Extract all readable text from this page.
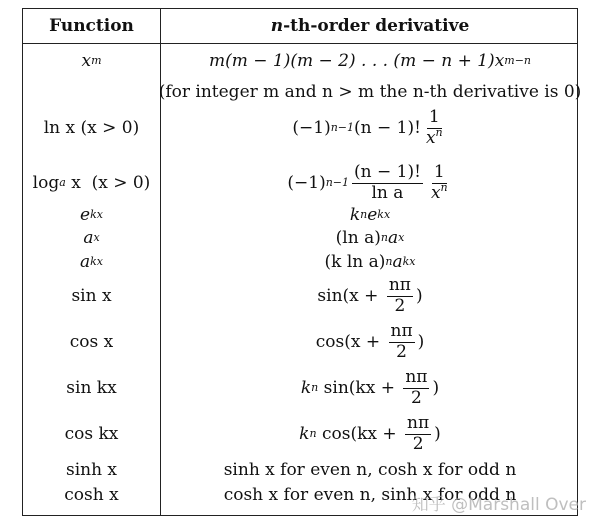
Function	n-th-order derivative
x m	m(m − 1)(m − 2) . . . (m − n + 1)x m−n
(for integer m and n > m the n-th derivative is 0)
ln x (x > 0)	(−1) n−1 (n − 1)! $\frac{1}{x^n}$
log a x  (x > 0)	(−1) $n-1 \frac{(n - 1)!}{\text{ln a}} \frac{1}{x^n}$
e kx	k n e kx
a x	(ln a) n a x
a kx	(k ln a) n a kx
sin x	$\sin(x + \frac{n\pi}{2}$ )
cos x	$\cos(x + \frac{n\pi}{2}$ )
sin kx	k n $\sin(kx + \frac{n\pi}{2}$ )
cos kx	k n $\cos(kx + \frac{n\pi}{2}$ )
sinh x	sinh x for even n, cosh x for odd n
cosh x	cosh x for even n, sinh x for odd n
知乎 @Marshall Over
